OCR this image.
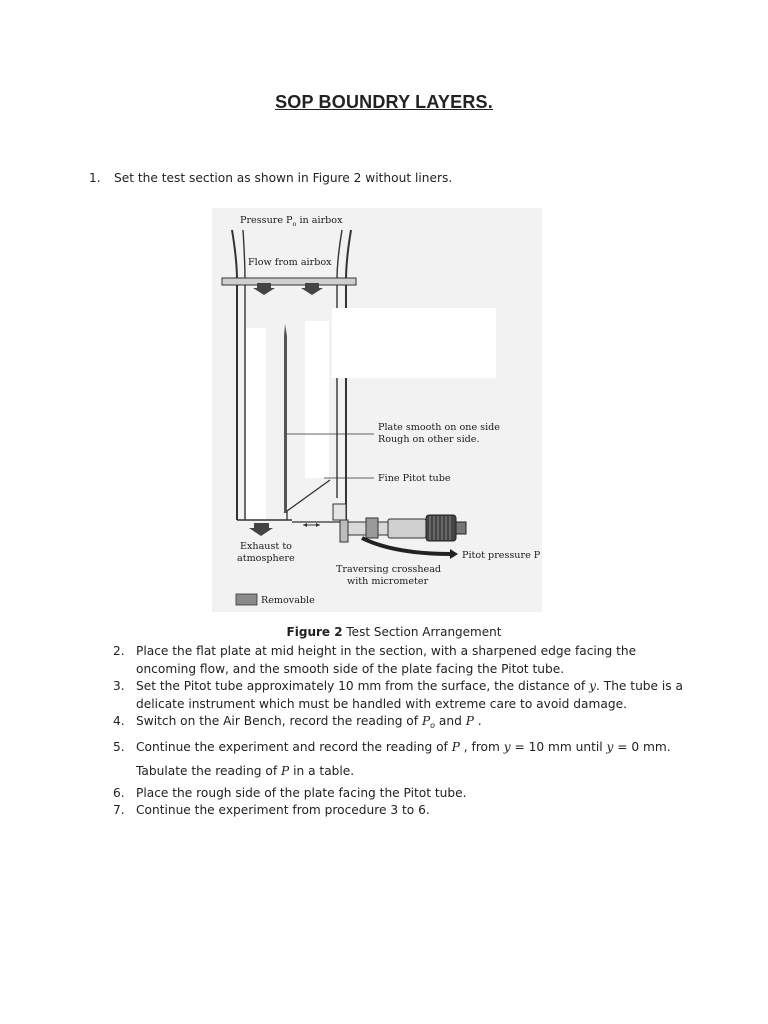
SOP BOUNDRY LAYERS.
1. Set the test section as shown in Figure 2 without liners.
Pressure $P_o$ in airbox
Flow from airbox
Plate smooth on one side
Rough on other side.
Fine Pitot tube
Exhaust to
atmosphere	Pitot pressure P
Traversing crosshead
with micrometer
Removable
Figure 2 Test Section Arrangement
2. Place the flat plate at mid height in the section, with a sharpened edge facing the oncoming flow, and the smooth side of the plate facing the Pitot tube.
3. Set the Pitot tube approximately 10 mm from the surface, the distance of y. The tube is a delicate instrument which must be handled with extreme care to avoid damage.
4. Switch on the Air Bench, record the reading of $P_o$ and P .
5. Continue the experiment and record the reading of P , from y = 10 mm until y = 0 mm.
Tabulate the reading of P in a table.
6. Place the rough side of the plate facing the Pitot tube.
7. Continue the experiment from procedure 3 to 6.
